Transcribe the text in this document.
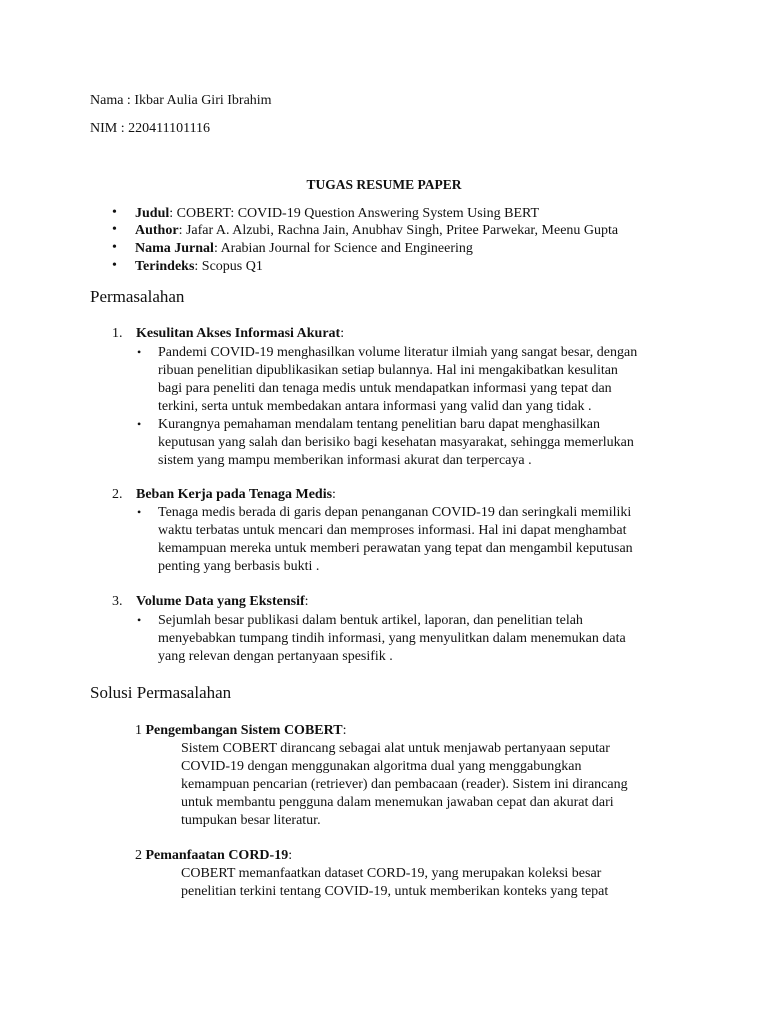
Nama : Ikbar Aulia Giri Ibrahim
NIM : 220411101116
TUGAS RESUME PAPER
• Judul: COBERT: COVID-19 Question Answering System Using BERT
• Author: Jafar A. Alzubi, Rachna Jain, Anubhav Singh, Pritee Parwekar, Meenu Gupta
• Nama Jurnal: Arabian Journal for Science and Engineering
• Terindeks: Scopus Q1
Permasalahan
1. Kesulitan Akses Informasi Akurat:
• Pandemi COVID-19 menghasilkan volume literatur ilmiah yang sangat besar, dengan
ribuan penelitian dipublikasikan setiap bulannya. Hal ini mengakibatkan kesulitan
bagi para peneliti dan tenaga medis untuk mendapatkan informasi yang tepat dan
terkini, serta untuk membedakan antara informasi yang valid dan yang tidak .
• Kurangnya pemahaman mendalam tentang penelitian baru dapat menghasilkan
keputusan yang salah dan berisiko bagi kesehatan masyarakat, sehingga memerlukan
sistem yang mampu memberikan informasi akurat dan terpercaya .
2. Beban Kerja pada Tenaga Medis:
• Tenaga medis berada di garis depan penanganan COVID-19 dan seringkali memiliki
waktu terbatas untuk mencari dan memproses informasi. Hal ini dapat menghambat
kemampuan mereka untuk memberi perawatan yang tepat dan mengambil keputusan
penting yang berbasis bukti .
3. Volume Data yang Ekstensif:
• Sejumlah besar publikasi dalam bentuk artikel, laporan, dan penelitian telah
menyebabkan tumpang tindih informasi, yang menyulitkan dalam menemukan data
yang relevan dengan pertanyaan spesifik .
Solusi Permasalahan
1 Pengembangan Sistem COBERT:
Sistem COBERT dirancang sebagai alat untuk menjawab pertanyaan seputar
COVID-19 dengan menggunakan algoritma dual yang menggabungkan
kemampuan pencarian (retriever) dan pembacaan (reader). Sistem ini dirancang
untuk membantu pengguna dalam menemukan jawaban cepat dan akurat dari
tumpukan besar literatur.
2 Pemanfaatan CORD-19:
COBERT memanfaatkan dataset CORD-19, yang merupakan koleksi besar
penelitian terkini tentang COVID-19, untuk memberikan konteks yang tepat
